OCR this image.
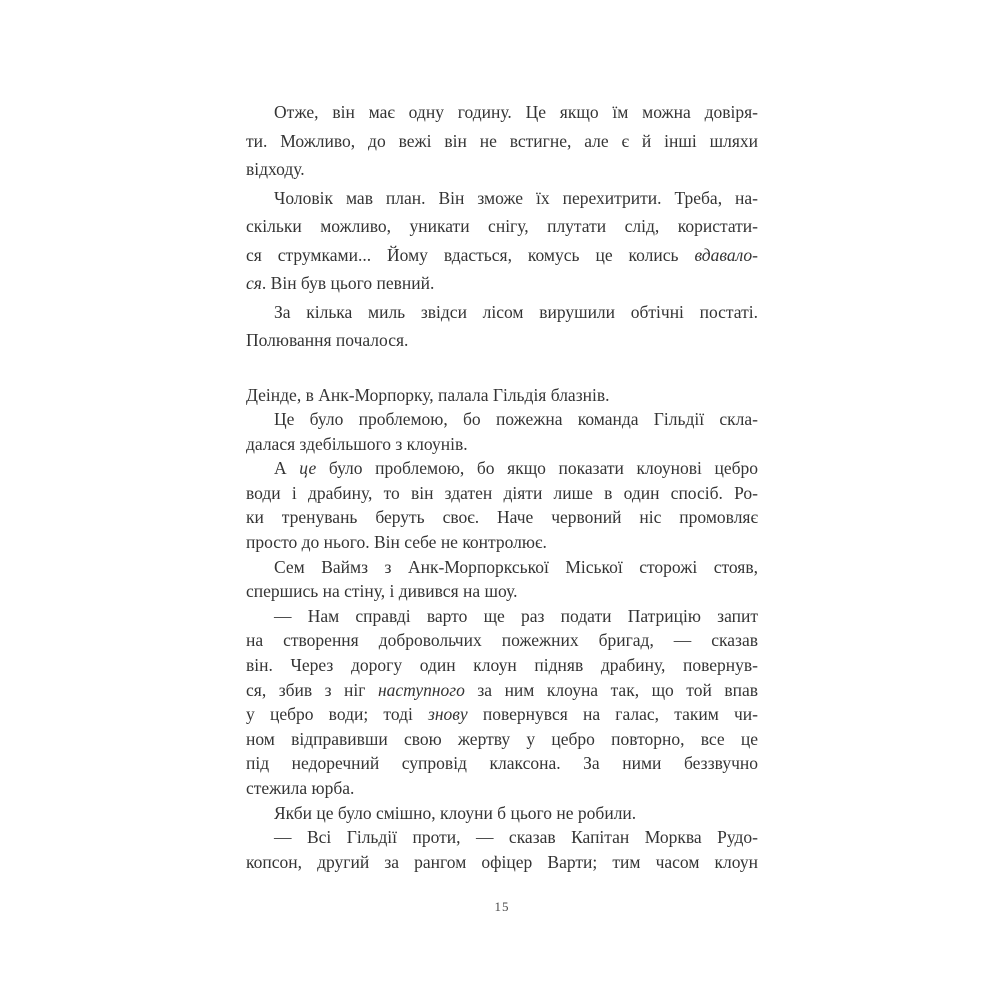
Отже, він має одну годину. Це якщо їм можна довіря-
ти. Можливо, до вежі він не встигне, але є й інші шляхи
відходу.
Чоловік мав план. Він зможе їх перехитрити. Треба, на-
скільки можливо, уникати снігу, плутати слід, користати-
ся струмками... Йому вдасться, комусь це колись вдавало-
ся. Він був цього певний.
За кілька миль звідси лісом вирушили обтічні постаті.
Полювання почалося.
Деінде, в Анк-Морпорку, палала Гільдія блазнів.
Це було проблемою, бо пожежна команда Гільдії скла-
далася здебільшого з клоунів.
А це було проблемою, бо якщо показати клоунові цебро
води і драбину, то він здатен діяти лише в один спосіб. Ро-
ки тренувань беруть своє. Наче червоний ніс промовляє
просто до нього. Він себе не контролює.
Сем Ваймз з Анк-Морпоркської Міської сторожі стояв,
спершись на стіну, і дивився на шоу.
— Нам справді варто ще раз подати Патрицію запит
на створення добровольчих пожежних бригад, — сказав
він. Через дорогу один клоун підняв драбину, повернув-
ся, збив з ніг наступного за ним клоуна так, що той впав
у цебро води; тоді знову повернувся на галас, таким чи-
ном відправивши свою жертву у цебро повторно, все це
під недоречний супровід клаксона. За ними беззвучно
стежила юрба.
Якби це було смішно, клоуни б цього не робили.
— Всі Гільдії проти, — сказав Капітан Морква Рудо-
копсон, другий за рангом офіцер Варти; тим часом клоун
15
